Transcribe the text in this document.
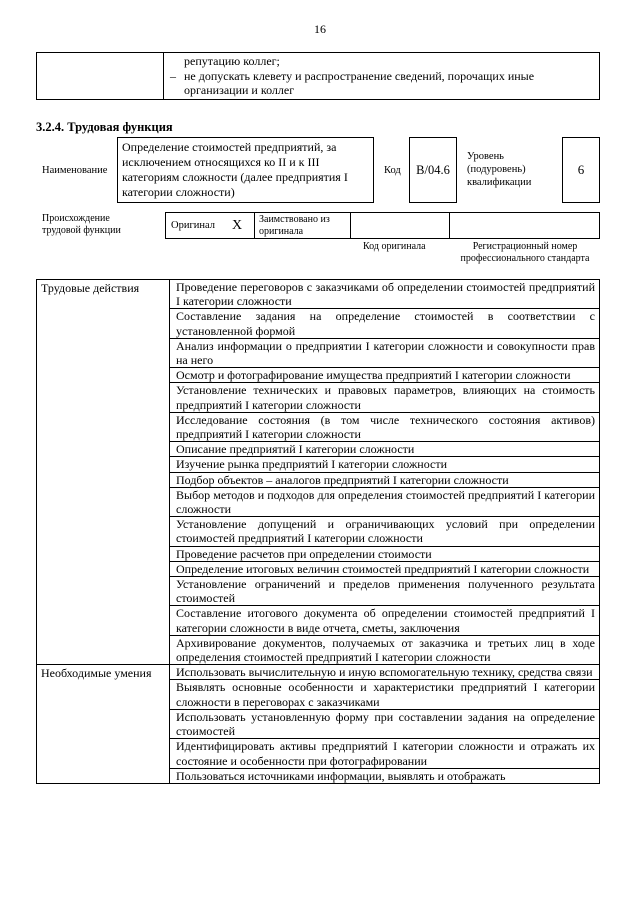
16

репутацию коллег;
– не допускать клевету и распространение сведений, порочащих иные
организации и коллег
3.2.4. Трудовая функция
Наименование
Определение стоимостей предприятий, за исключением относящихся ко II и к III категориям сложности (далее предприятия I категории сложности)
Код	B/04.6
Уровень (подуровень) квалификации
6
Происхождение трудовой функции	Оригинал X	Заимствовано из оригинала
Код оригинала	Регистрационный номер профессионального стандарта
Трудовые действия	Проведение переговоров с заказчиками об определении стоимостей предприятий I категории сложности

	Составление задания на определение стоимостей в соответствии с установленной формой

	Анализ информации о предприятии I категории сложности и совокупности прав на него

	Осмотр и фотографирование имущества предприятий I категории сложности

	Установление технических и правовых параметров, влияющих на стоимость предприятий I категории сложности

	Исследование состояния (в том числе технического состояния активов) предприятий I категории сложности

	Описание предприятий I категории сложности

	Изучение рынка предприятий I категории сложности

	Подбор объектов – аналогов предприятий I категории сложности

	Выбор методов и подходов для определения стоимостей предприятий I категории сложности

	Установление допущений и ограничивающих условий при определении стоимостей предприятий I категории сложности

	Проведение расчетов при определении стоимости

	Определение итоговых величин стоимостей предприятий I категории сложности

	Установление ограничений и пределов применения полученного результата стоимостей

	Составление итогового документа об определении стоимостей предприятий I категории сложности в виде отчета, сметы, заключения

	Архивирование документов, получаемых от заказчика и третьих лиц в ходе определения стоимостей предприятий I категории сложности

Необходимые умения	Использовать вычислительную и иную вспомогательную технику, средства связи

	Выявлять основные особенности и характеристики предприятий I категории сложности в переговорах с заказчиками

	Использовать установленную форму при составлении задания на определение стоимостей

	Идентифицировать активы предприятий I категории сложности и отражать их состояние и особенности при фотографировании

	Пользоваться источниками информации, выявлять и отображать
